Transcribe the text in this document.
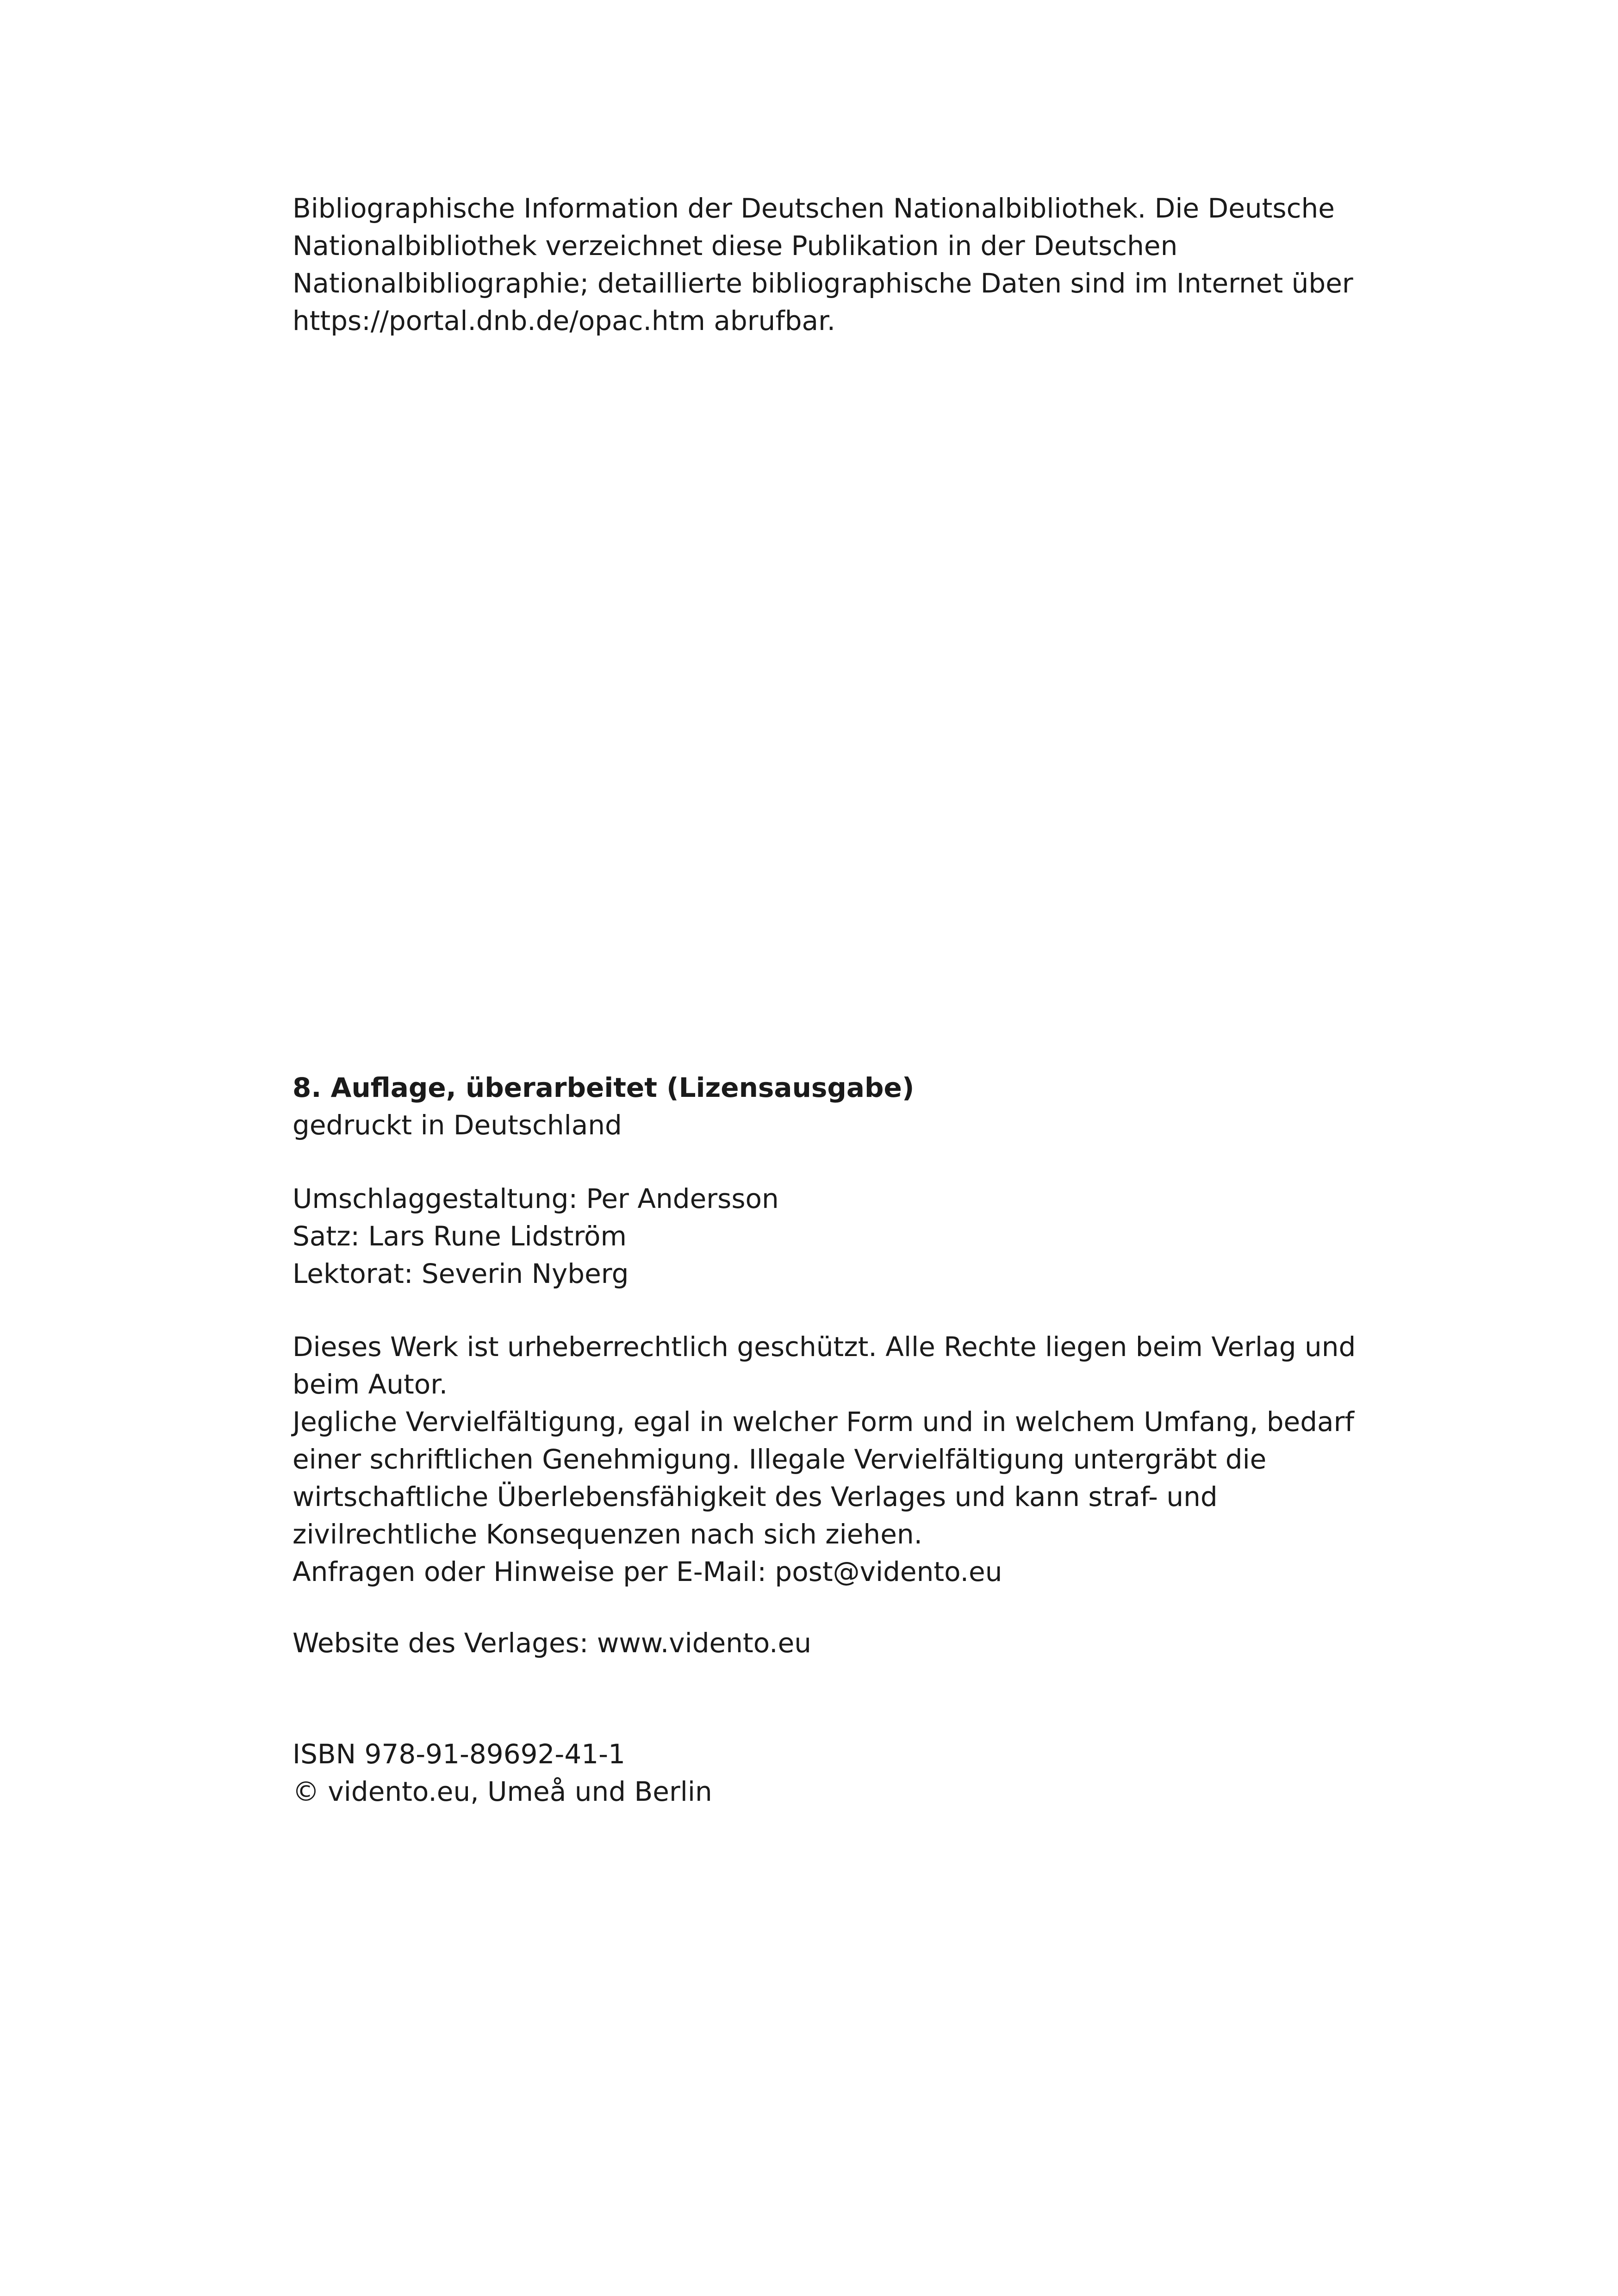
Bibliographische Information der Deutschen Nationalbibliothek. Die Deutsche
Nationalbibliothek verzeichnet diese Publikation in der Deutschen
Nationalbibliographie; detaillierte bibliographische Daten sind im Internet über
https://portal.dnb.de/opac.htm abrufbar.
8. Auflage, überarbeitet (Lizensausgabe)
gedruckt in Deutschland
Umschlaggestaltung: Per Andersson
Satz: Lars Rune Lidström
Lektorat: Severin Nyberg
Dieses Werk ist urheberrechtlich geschützt. Alle Rechte liegen beim Verlag und
beim Autor.
Jegliche Vervielfältigung, egal in welcher Form und in welchem Umfang, bedarf
einer schriftlichen Genehmigung. Illegale Vervielfältigung untergräbt die
wirtschaftliche Überlebensfähigkeit des Verlages und kann straf- und
zivilrechtliche Konsequenzen nach sich ziehen.
Anfragen oder Hinweise per E-Mail: post@vidento.eu
Website des Verlages: www.vidento.eu
ISBN 978-91-89692-41-1
© vidento.eu, Umeå und Berlin
